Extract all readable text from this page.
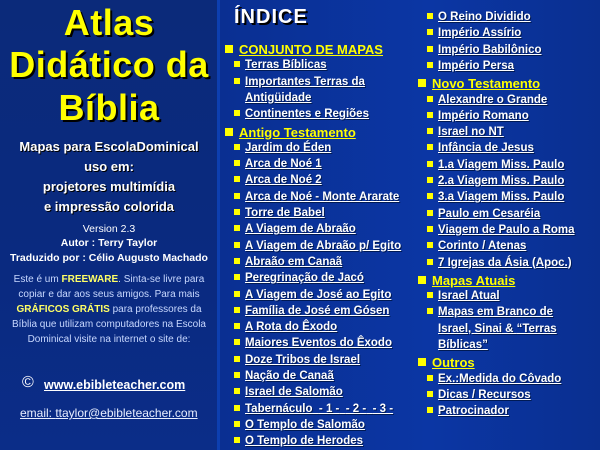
Atlas
Didático da
Bíblia
Mapas para EscolaDominical
uso em:
projetores multimídia
e impressão colorida
Version 2.3
Autor : Terry Taylor
Traduzido por : Célio Augusto Machado
Este é um FREEWARE. Sinta-se livre para copiar e dar aos seus amigos. Para mais GRÁFICOS GRÁTIS para professores da Bíblia que utilizam computadores na Escola Dominical visite na internet o site de:
© www.ebibleteacher.com
email: ttaylor@ebibleteacher.com
ÍNDICE
CONJUNTO DE MAPAS
Terras Bíblicas
Importantes Terras da
Antigüidade
Continentes e Regiões
Antigo Testamento
Jardim do Éden
Arca de Noé 1
Arca de Noé 2
Arca de Noé - Monte Ararate
Torre de Babel
A Viagem de Abraão
A Viagem de Abraão p/ Egito
Abraão em Canaã
Peregrinação de Jacó
A Viagem de José ao Egito
Família de José em Gósen
A Rota do Êxodo
Maiores Eventos do Êxodo
Doze Tribos de Israel
Nação de Canaã
Israel de Salomão
Tabernáculo - 1 - - 2 - - 3 -
O Templo de Salomão
O Templo de Herodes
O Reino Dividido
Império Assírio
Império Babilônico
Império Persa
Novo Testamento
Alexandre o Grande
Império Romano
Israel no NT
Infância de Jesus
1.a Viagem Miss. Paulo
2.a Viagem Miss. Paulo
3.a Viagem Miss. Paulo
Paulo em Cesaréia
Viagem de Paulo a Roma
Corinto / Atenas
7 Igrejas da Ásia (Apoc.)
Mapas Atuais
Israel Atual
Mapas em Branco de
Israel, Sinai & “Terras
Bíblicas”
Outros
Ex.:Medida do Côvado
Dicas / Recursos
Patrocinador
